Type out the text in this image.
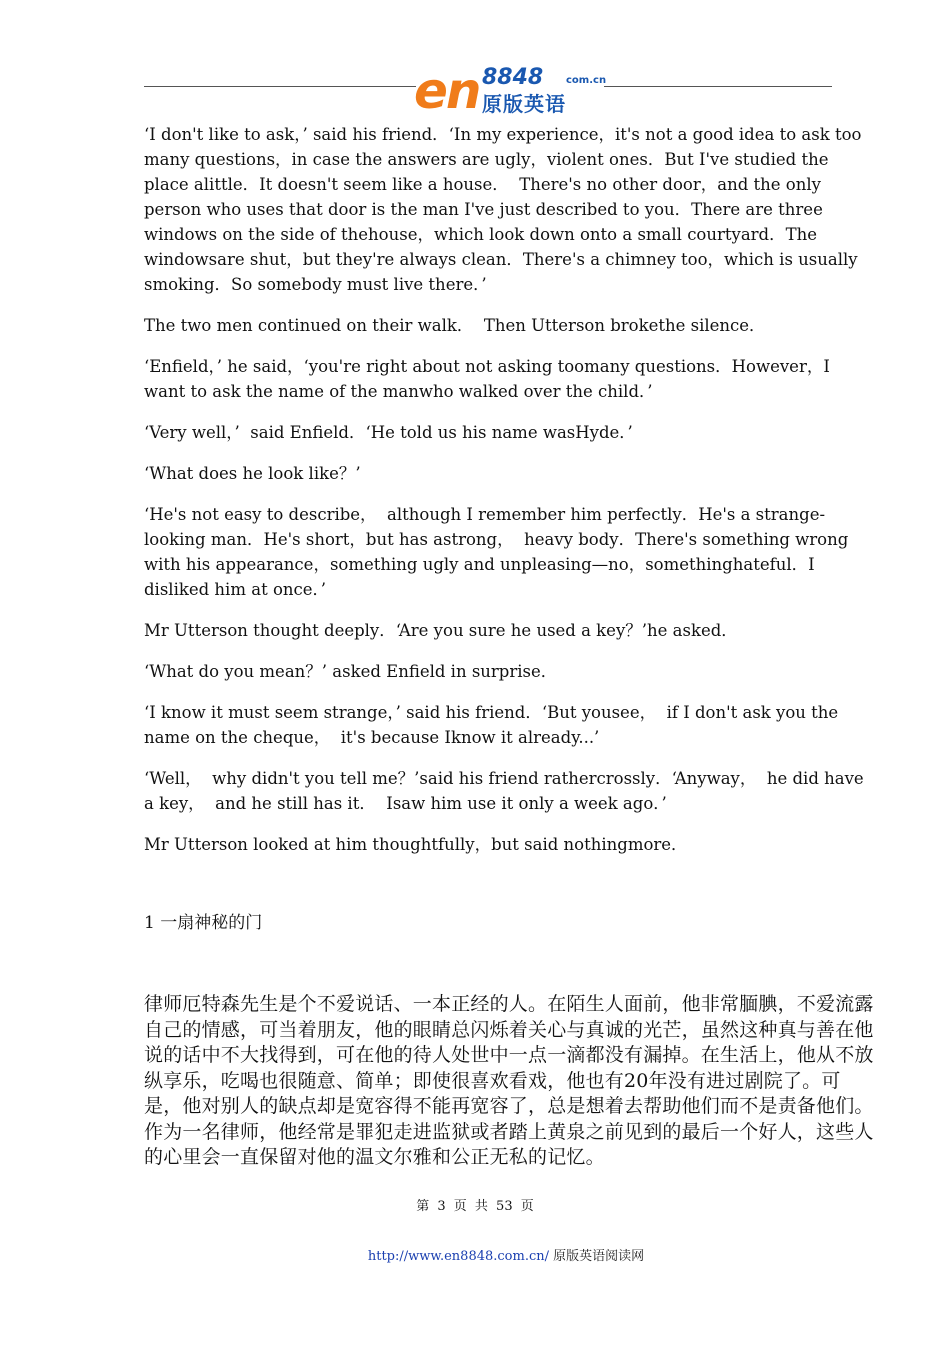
en 8848 com.cn
原版英语

‘I don't like to ask，’ said his friend．‘In my experience，it's not a good idea to ask too many questions，in case the answers are ugly，violent ones．But I've studied the place alittle．It doesn't seem like a house．  There's no other door，and the only person who uses that door is the man I've just described to you．There are three windows on the side of thehouse，which look down onto a small courtyard．The windowsare shut，but they're always clean．There's a chimney too，which is usually smoking．So somebody must live there．’

The two men continued on their walk．  Then Utterson brokethe silence．

‘Enfield，’ he said，‘you're right about not asking toomany questions．However，I want to ask the name of the manwho walked over the child．’

‘Very well，’  said Enfield．‘He told us his name wasHyde．’

‘What does he look like？’

‘He's not easy to describe，  although I remember him perfectly．He's a strange-looking man．He's short，but has astrong，  heavy body．There's something wrong with his appearance，something ugly and unpleasing—no，somethinghateful．I disliked him at once．’

Mr Utterson thought deeply．‘Are you sure he used a key？’he asked．

‘What do you mean？’ asked Enfield in surprise．

‘I know it must seem strange，’ said his friend．‘But yousee，  if I don't ask you the name on the cheque，  it's because Iknow it already...’

‘Well，  why didn't you tell me？’said his friend rathercrossly．‘Anyway，  he did have a key，  and he still has it．  Isaw him use it only a week ago．’

Mr Utterson looked at him thoughtfully，but said nothingmore．

1 一扇神秘的门
律师厄特森先生是个不爱说话、一本正经的人。在陌生人面前，他非常腼腆，不爱流露自己的情感，可当着朋友，他的眼睛总闪烁着关心与真诚的光芒，虽然这种真与善在他说的话中不大找得到，可在他的待人处世中一点一滴都没有漏掉。在生活上，他从不放纵享乐，吃喝也很随意、简单；即使很喜欢看戏，他也有20年没有进过剧院了。可是，他对别人的缺点却是宽容得不能再宽容了，总是想着去帮助他们而不是责备他们。作为一名律师，他经常是罪犯走进监狱或者踏上黄泉之前见到的最后一个好人，这些人的心里会一直保留对他的温文尔雅和公正无私的记忆。
第 3 页 共 53 页
http://www.en8848.com.cn/ 原版英语阅读网
